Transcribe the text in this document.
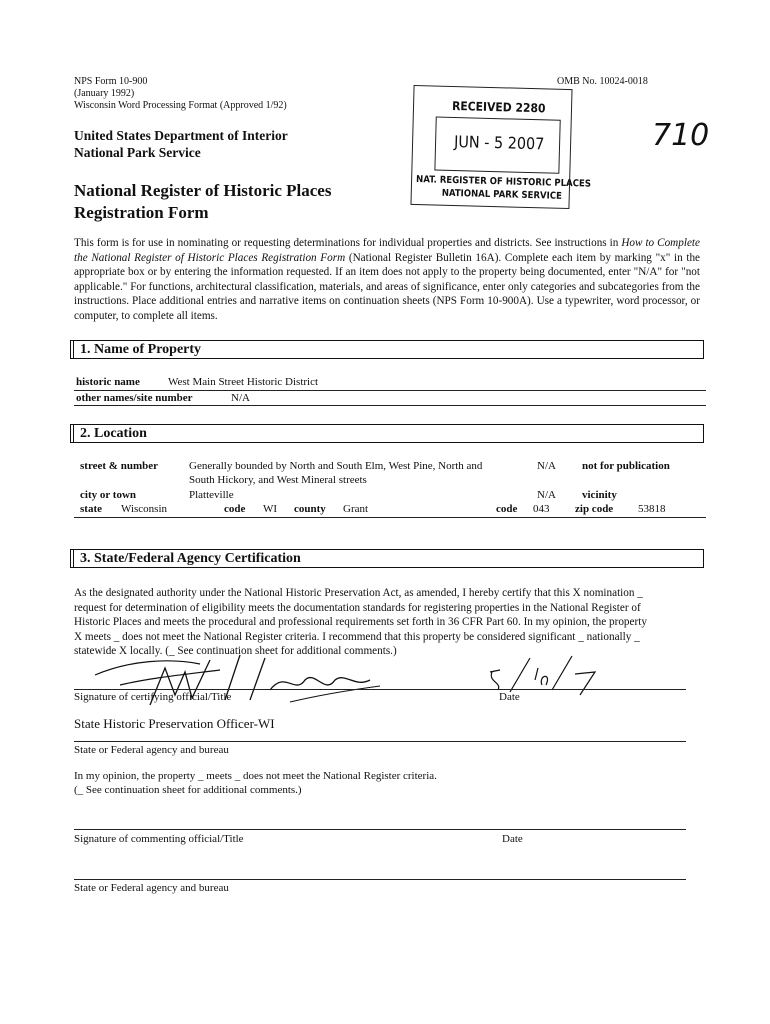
NPS Form 10-900
(January 1992)
Wisconsin Word Processing Format (Approved 1/92)
OMB No. 10024-0018
United States Department of Interior
National Park Service
National Register of Historic Places
Registration Form
RECEIVED 2280
JUN - 5 2007
NAT. REGISTER OF HISTORIC PLACES
NATIONAL PARK SERVICE
710
This form is for use in nominating or requesting determinations for individual properties and districts. See instructions in How to Complete the National Register of Historic Places Registration Form (National Register Bulletin 16A). Complete each item by marking "x" in the appropriate box or by entering the information requested. If an item does not apply to the property being documented, enter "N/A" for "not applicable." For functions, architectural classification, materials, and areas of significance, enter only categories and subcategories from the instructions. Place additional entries and narrative items on continuation sheets (NPS Form 10-900A). Use a typewriter, word processor, or computer, to complete all items.
1. Name of Property
historic name	West Main Street Historic District
other names/site number	N/A
2. Location
street & number	Generally bounded by North and South Elm, West Pine, North and
South Hickory, and West Mineral streets
N/A not for publication
city or town	Platteville	N/A vicinity
state Wisconsin	code WI county Grant	code 043 zip code 53818
3. State/Federal Agency Certification
As the designated authority under the National Historic Preservation Act, as amended, I hereby certify that this X nomination _
request for determination of eligibility meets the documentation standards for registering properties in the National Register of
Historic Places and meets the procedural and professional requirements set forth in 36 CFR Part 60. In my opinion, the property
X meets _ does not meet the National Register criteria. I recommend that this property be considered significant _ nationally _
statewide X locally. (_ See continuation sheet for additional comments.)
Signature of certifying official/Title	Date
State Historic Preservation Officer-WI
State or Federal agency and bureau
In my opinion, the property _ meets _ does not meet the National Register criteria.
(_ See continuation sheet for additional comments.)
Signature of commenting official/Title	Date
State or Federal agency and bureau
